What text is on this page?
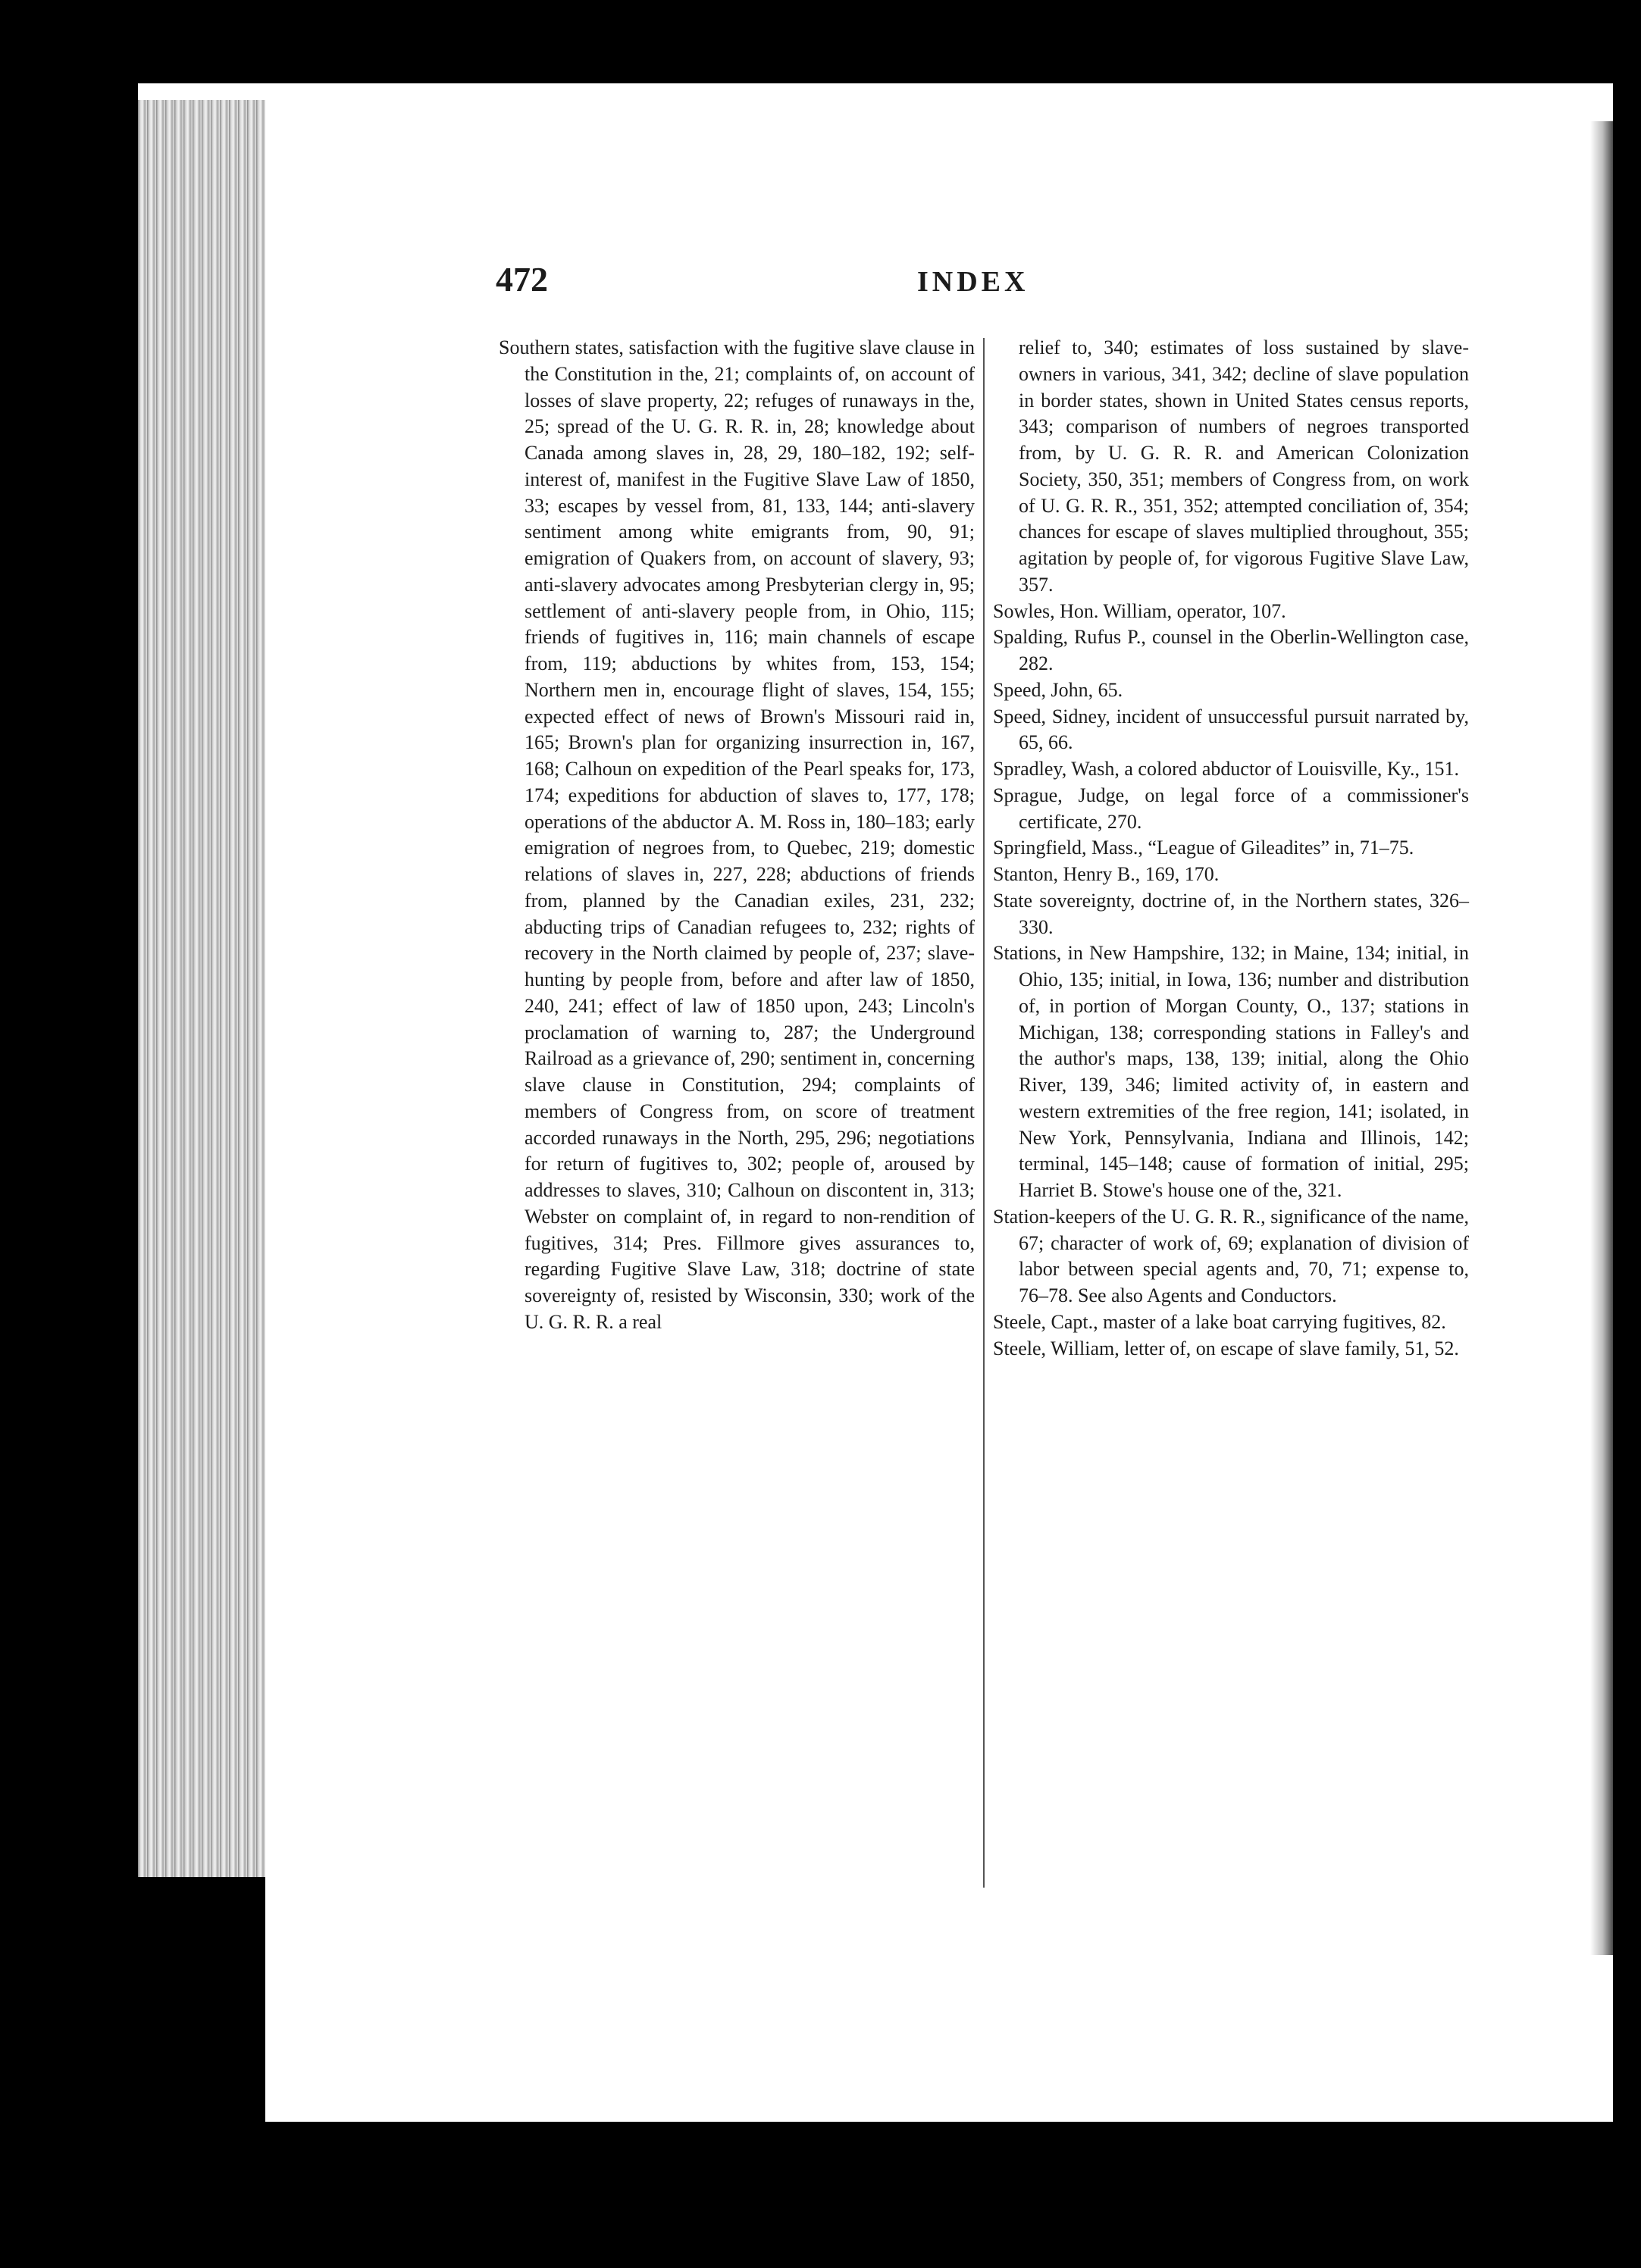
472	INDEX

Southern states, satisfaction with the fugitive slave clause in the Constitution in the, 21; complaints of, on account of losses of slave property, 22; refuges of runaways in the, 25; spread of the U. G. R. R. in, 28; knowledge about Canada among slaves in, 28, 29, 180–182, 192; self-interest of, manifest in the Fugitive Slave Law of 1850, 33; escapes by vessel from, 81, 133, 144; anti-slavery sentiment among white emigrants from, 90, 91; emigration of Quakers from, on account of slavery, 93; anti-slavery advocates among Presbyterian clergy in, 95; settlement of anti-slavery people from, in Ohio, 115; friends of fugitives in, 116; main channels of escape from, 119; abductions by whites from, 153, 154; Northern men in, encourage flight of slaves, 154, 155; expected effect of news of Brown's Missouri raid in, 165; Brown's plan for organizing insurrection in, 167, 168; Calhoun on expedition of the Pearl speaks for, 173, 174; expeditions for abduction of slaves to, 177, 178; operations of the abductor A. M. Ross in, 180–183; early emigration of negroes from, to Quebec, 219; domestic relations of slaves in, 227, 228; abductions of friends from, planned by the Canadian exiles, 231, 232; abducting trips of Canadian refugees to, 232; rights of recovery in the North claimed by people of, 237; slave-hunting by people from, before and after law of 1850, 240, 241; effect of law of 1850 upon, 243; Lincoln's proclamation of warning to, 287; the Underground Railroad as a grievance of, 290; sentiment in, concerning slave clause in Constitution, 294; complaints of members of Congress from, on score of treatment accorded runaways in the North, 295, 296; negotiations for return of fugitives to, 302; people of, aroused by addresses to slaves, 310; Calhoun on discontent in, 313; Webster on complaint of, in regard to non-rendition of fugitives, 314; Pres. Fillmore gives assurances to, regarding Fugitive Slave Law, 318; doctrine of state sovereignty of, resisted by Wisconsin, 330; work of the U. G. R. R. a real

relief to, 340; estimates of loss sustained by slave-owners in various, 341, 342; decline of slave population in border states, shown in United States census reports, 343; comparison of numbers of negroes transported from, by U. G. R. R. and American Colonization Society, 350, 351; members of Congress from, on work of U. G. R. R., 351, 352; attempted conciliation of, 354; chances for escape of slaves multiplied throughout, 355; agitation by people of, for vigorous Fugitive Slave Law, 357.

Sowles, Hon. William, operator, 107.

Spalding, Rufus P., counsel in the Oberlin-Wellington case, 282.

Speed, John, 65.

Speed, Sidney, incident of unsuccessful pursuit narrated by, 65, 66.

Spradley, Wash, a colored abductor of Louisville, Ky., 151.

Sprague, Judge, on legal force of a commissioner's certificate, 270.

Springfield, Mass., “League of Gileadites” in, 71–75.

Stanton, Henry B., 169, 170.

State sovereignty, doctrine of, in the Northern states, 326–330.

Stations, in New Hampshire, 132; in Maine, 134; initial, in Ohio, 135; initial, in Iowa, 136; number and distribution of, in portion of Morgan County, O., 137; stations in Michigan, 138; corresponding stations in Falley's and the author's maps, 138, 139; initial, along the Ohio River, 139, 346; limited activity of, in eastern and western extremities of the free region, 141; isolated, in New York, Pennsylvania, Indiana and Illinois, 142; terminal, 145–148; cause of formation of initial, 295; Harriet B. Stowe's house one of the, 321.

Station-keepers of the U. G. R. R., significance of the name, 67; character of work of, 69; explanation of division of labor between special agents and, 70, 71; expense to, 76–78. See also Agents and Conductors.

Steele, Capt., master of a lake boat carrying fugitives, 82.

Steele, William, letter of, on escape of slave family, 51, 52.
